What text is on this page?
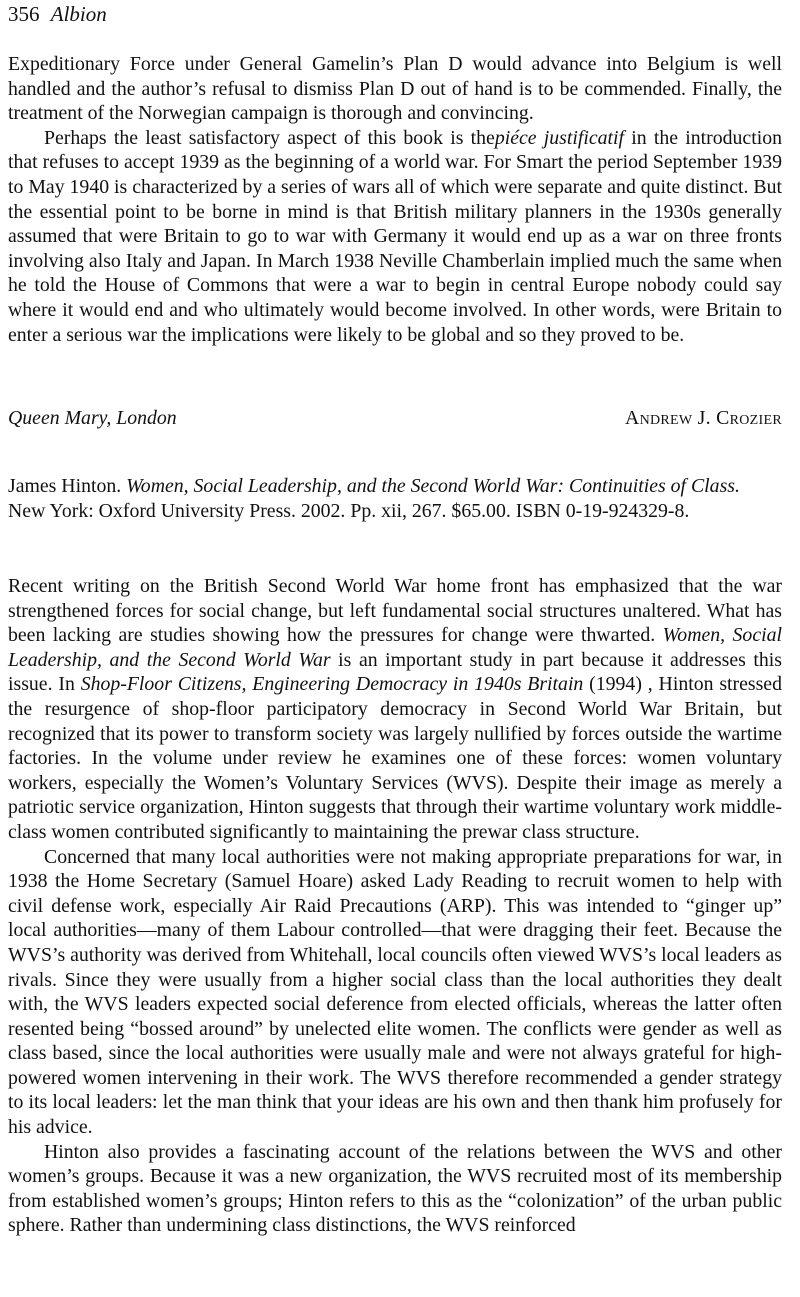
356 Albion

Expeditionary Force under General Gamelin’s Plan D would advance into Belgium is well handled and the author’s refusal to dismiss Plan D out of hand is to be commended. Finally, the treatment of the Norwegian campaign is thorough and convincing.

Perhaps the least satisfactory aspect of this book is thepiéce justificatif in the introduction that refuses to accept 1939 as the beginning of a world war. For Smart the period September 1939 to May 1940 is characterized by a series of wars all of which were separate and quite distinct. But the essential point to be borne in mind is that British military planners in the 1930s generally assumed that were Britain to go to war with Germany it would end up as a war on three fronts involving also Italy and Japan. In March 1938 Neville Chamberlain implied much the same when he told the House of Commons that were a war to begin in central Europe nobody could say where it would end and who ultimately would become involved. In other words, were Britain to enter a serious war the implications were likely to be global and so they proved to be.

Queen Mary, London	Andrew J. Crozier

James Hinton. Women, Social Leadership, and the Second World War: Continuities of Class.

New York: Oxford University Press. 2002. Pp. xii, 267. $65.00. ISBN 0-19-924329-8.

Recent writing on the British Second World War home front has emphasized that the war strengthened forces for social change, but left fundamental social structures unaltered. What has been lacking are studies showing how the pressures for change were thwarted. Women, Social Leadership, and the Second World War is an important study in part because it addresses this issue. In Shop-Floor Citizens, Engineering Democracy in 1940s Britain (1994) , Hinton stressed the resurgence of shop-floor participatory democracy in Second World War Britain, but recognized that its power to transform society was largely nullified by forces outside the wartime factories. In the volume under review he examines one of these forces: women voluntary workers, especially the Women’s Voluntary Services (WVS). Despite their image as merely a patriotic service organization, Hinton suggests that through their wartime voluntary work middle-class women contributed significantly to maintaining the prewar class structure.

Concerned that many local authorities were not making appropriate preparations for war, in 1938 the Home Secretary (Samuel Hoare) asked Lady Reading to recruit women to help with civil defense work, especially Air Raid Precautions (ARP). This was intended to “ginger up” local authorities—many of them Labour controlled—that were dragging their feet. Because the WVS’s authority was derived from Whitehall, local councils often viewed WVS’s local leaders as rivals. Since they were usually from a higher social class than the local authorities they dealt with, the WVS leaders expected social deference from elected officials, whereas the latter often resented being “bossed around” by unelected elite women. The conflicts were gender as well as class based, since the local authorities were usually male and were not always grateful for high-powered women intervening in their work. The WVS therefore recommended a gender strategy to its local leaders: let the man think that your ideas are his own and then thank him profusely for his advice.

Hinton also provides a fascinating account of the relations between the WVS and other women’s groups. Because it was a new organization, the WVS recruited most of its membership from established women’s groups; Hinton refers to this as the “colonization” of the urban public sphere. Rather than undermining class distinctions, the WVS reinforced
